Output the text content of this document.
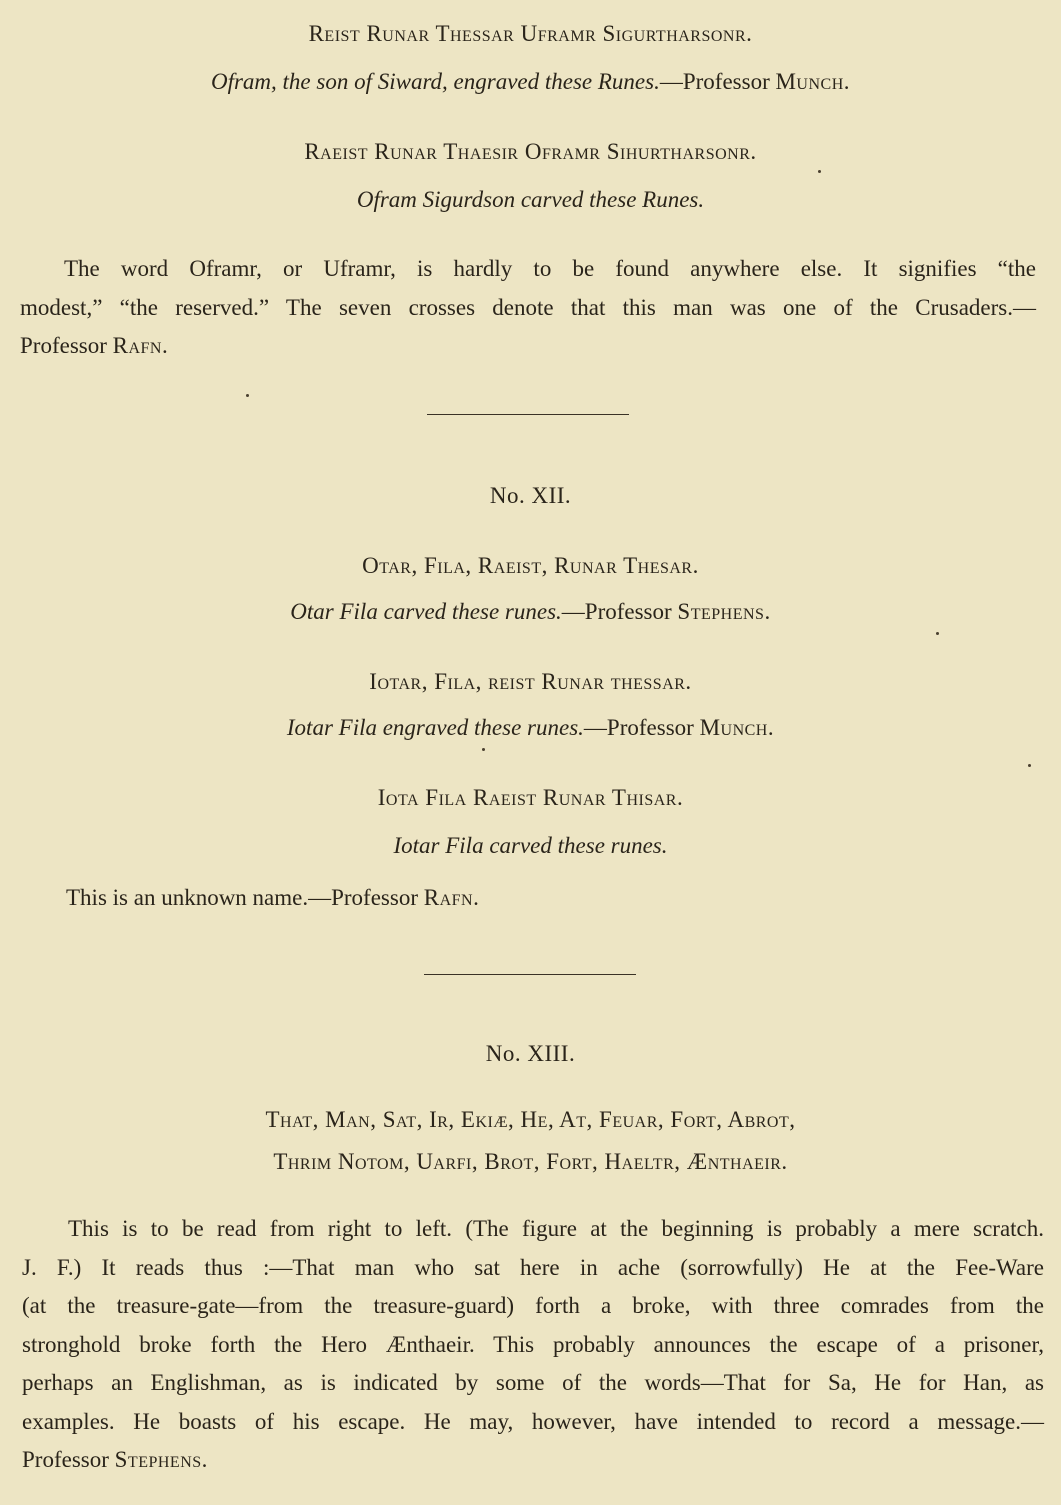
Reist Runar Thessar Uframr Sigurtharsonr.
Ofram, the son of Siward, engraved these Runes.—Professor Munch.
Raeist Runar Thaesir Oframr Sihurtharsonr.
Ofram Sigurdson carved these Runes.
The word Oframr, or Uframr, is hardly to be found anywhere else. It signifies “the
modest,” “the reserved.” The seven crosses denote that this man was one of the Crusaders.—
Professor Rafn.
No. XII.
Otar, Fila, Raeist, Runar Thesar.
Otar Fila carved these runes.—Professor Stephens.
Iotar, Fila, reist Runar thessar.
Iotar Fila engraved these runes.—Professor Munch.
Iota Fila Raeist Runar Thisar.
Iotar Fila carved these runes.
This is an unknown name.—Professor Rafn.
No. XIII.
That, Man, Sat, Ir, Ekiæ, He, At, Feuar, Fort, Abrot,
Thrim Notom, Uarfi, Brot, Fort, Haeltr, Ænthaeir.
This is to be read from right to left. (The figure at the beginning is probably a mere scratch.
J. F.) It reads thus :—That man who sat here in ache (sorrowfully) He at the Fee-Ware
(at the treasure-gate—from the treasure-guard) forth a broke, with three comrades from the
stronghold broke forth the Hero Ænthaeir. This probably announces the escape of a prisoner,
perhaps an Englishman, as is indicated by some of the words—That for Sa, He for Han, as
examples. He boasts of his escape. He may, however, have intended to record a message.—
Professor Stephens.
